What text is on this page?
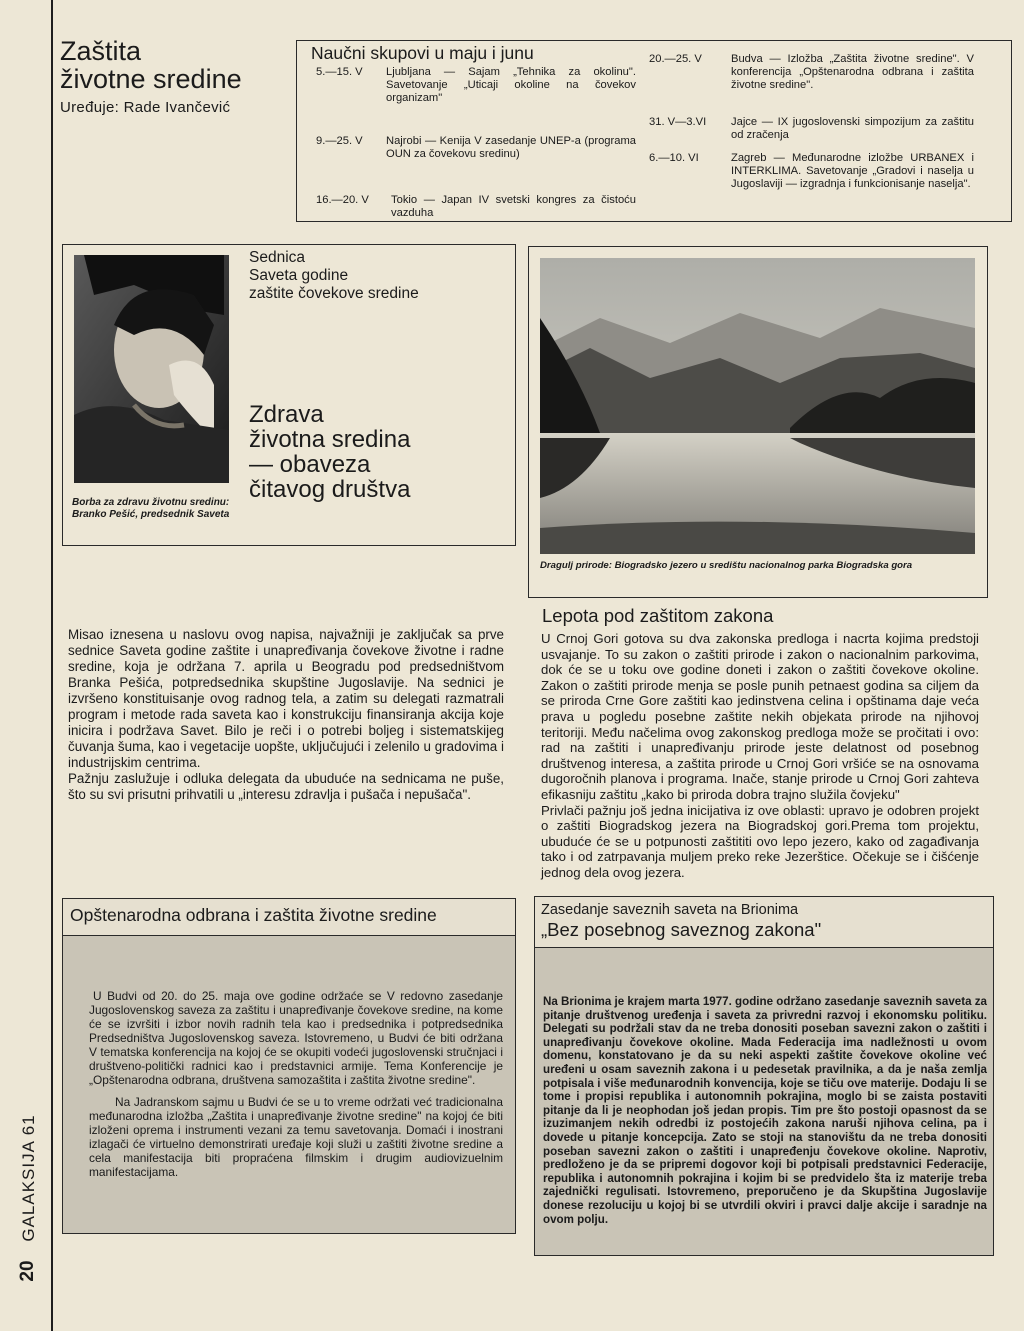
GALAKSIJA 61
20
Zaštita
životne sredine
Uređuje: Rade Ivančević
Naučni skupovi u maju i junu
5.—15. V Ljubljana — Sajam „Tehnika za okolinu". Savetovanje „Uticaji okoline na čovekov organizam"
9.—25. V Najrobi — Kenija V zasedanje UNEP-a (programa OUN za čovekovu sredinu)
16.—20. V Tokio — Japan IV svetski kongres za čistoću vazduha
20.—25. V	Budva — Izložba „Zaštita životne sredine". V konferencija „Opštenarodna odbrana i zaštita životne sredine".
31. V—3.VI Jajce — IX jugoslovenski simpozijum za zaštitu od zračenja
6.—10. VI	Zagreb — Međunarodne izložbe URBANEX i INTERKLIMA. Savetovanje „Gradovi i naselja u Jugoslaviji — izgradnja i funkcionisanje naselja".
Borba za zdravu životnu sredinu: Branko Pešić, predsednik Saveta
Sednica
Saveta godine
zaštite čovekove sredine
Zdrava
životna sredina
— obaveza
čitavog društva
Misao iznesena u naslovu ovog napisa, najvažniji je zaključak sa prve sednice Saveta godine zaštite i unapređivanja čovekove životne i radne sredine, koja je održana 7. aprila u Beogradu pod predsedništvom Branka Pešića, potpredsednika skupštine Jugoslavije. Na sednici je izvršeno konstituisanje ovog radnog tela, a zatim su delegati razmatrali program i metode rada saveta kao i konstrukciju finansiranja akcija koje inicira i podržava Savet. Bilo je reči i o potrebi boljeg i sistematskijeg čuvanja šuma, kao i vegetacije uopšte, uključujući i zelenilo u gradovima i industrijskim centrima.
Pažnju zaslužuje i odluka delegata da ubuduće na sednicama ne puše, što su svi prisutni prihvatili u „interesu zdravlja i pušača i nepušača".
Dragulj prirode: Biogradsko jezero u središtu nacionalnog parka Biogradska gora
Lepota pod zaštitom zakona
U Crnoj Gori gotova su dva zakonska predloga i nacrta kojima predstoji usvajanje. To su zakon o zaštiti prirode i zakon o nacionalnim parkovima, dok će se u toku ove godine doneti i zakon o zaštiti čovekove okoline. Zakon o zaštiti prirode menja se posle punih petnaest godina sa ciljem da se priroda Crne Gore zaštiti kao jedinstvena celina i opštinama daje veća prava u pogledu posebne zaštite nekih objekata prirode na njihovoj teritoriji. Među načelima ovog zakonskog predloga može se pročitati i ovo: rad na zaštiti i unapređivanju prirode jeste delatnost od posebnog društvenog interesa, a zaštita prirode u Crnoj Gori vršiće se na osnovama dugoročnih planova i programa. Inače, stanje prirode u Crnoj Gori zahteva efikasniju zaštitu „kako bi priroda dobra trajno služila čovjeku"
Privlači pažnju još jedna inicijativa iz ove oblasti: upravo je odobren projekt o zaštiti Biogradskog jezera na Biogradskoj gori.Prema tom projektu, ubuduće će se u potpunosti zaštititi ovo lepo jezero, kako od zagađivanja tako i od zatrpavanja muljem preko reke Jezerštice. Očekuje se i čišćenje jednog dela ovog jezera.
Opštenarodna odbrana i zaštita životne sredine
U Budvi od 20. do 25. maja ove godine održaće se V redovno zasedanje Jugoslovenskog saveza za zaštitu i unapređivanje čovekove sredine, na kome će se izvršiti i izbor novih radnih tela kao i predsednika i potpredsednika Predsedništva Jugoslovenskog saveza. Istovremeno, u Budvi će biti održana V tematska konferencija na kojoj će se okupiti vodeći jugoslovenski stručnjaci i društveno-politički radnici kao i predstavnici armije. Tema Konferencije je „Opštenarodna odbrana, društvena samozaštita i zaštita životne sredine".
Na Jadranskom sajmu u Budvi će se u to vreme održati već tradicionalna međunarodna izložba „Zaštita i unapređivanje životne sredine" na kojoj će biti izloženi oprema i instrumenti vezani za temu savetovanja. Domaći i inostrani izlagači će virtuelno demonstrirati uređaje koji služi u zaštiti životne sredine a cela manifestacija biti propraćena filmskim i drugim audiovizuelnim manifestacijama.
Zasedanje saveznih saveta na Brionima
„Bez posebnog saveznog zakona"
Na Brionima je krajem marta 1977. godine održano zasedanje saveznih saveta za pitanje društvenog uređenja i saveta za privredni razvoj i ekonomsku politiku. Delegati su podržali stav da ne treba donositi poseban savezni zakon o zaštiti i unapređivanju čovekove okoline. Mada Federacija ima nadležnosti u ovom domenu, konstatovano je da su neki aspekti zaštite čovekove okoline već uređeni u osam saveznih zakona i u pedesetak pravilnika, a da je naša zemlja potpisala i više međunarodnih konvencija, koje se tiču ove materije. Dodaju li se tome i propisi republika i autonomnih pokrajina, moglo bi se zaista postaviti pitanje da li je neophodan još jedan propis. Tim pre što postoji opasnost da se izuzimanjem nekih odredbi iz postojećih zakona naruši njihova celina, pa i dovede u pitanje koncepcija. Zato se stoji na stanovištu da ne treba donositi poseban savezni zakon o zaštiti i unapređenju čovekove okoline. Naprotiv, predloženo je da se pripremi dogovor koji bi potpisali predstavnici Federacije, republika i autonomnih pokrajina i kojim bi se predvidelo šta iz materije treba zajednički regulisati. Istovremeno, preporučeno je da Skupština Jugoslavije donese rezoluciju u kojoj bi se utvrdili okviri i pravci dalje akcije i saradnje na ovom polju.
